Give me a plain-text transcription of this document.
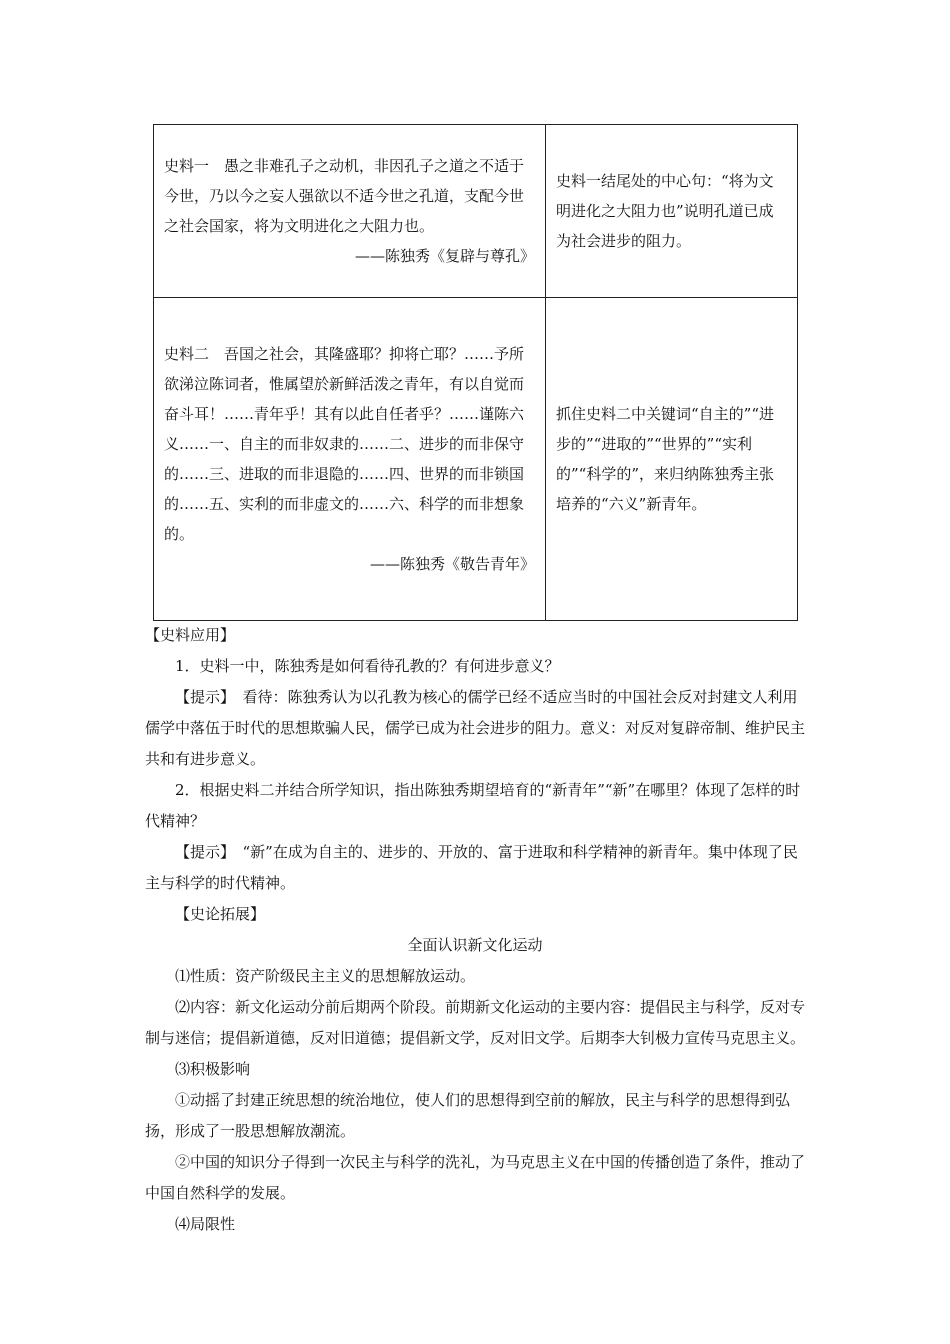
史料一　愚之非难孔子之动机，非因孔子之道之不适于今世，乃以今之妄人强欲以不适今世之孔道，支配今世之社会国家，将为文明进化之大阻力也。
——陈独秀《复辟与尊孔》	史料一结尾处的中心句：“将为文明进化之大阻力也”说明孔道已成为社会进步的阻力。
史料二　吾国之社会，其隆盛耶？抑将亡耶？……予所欲涕泣陈词者，惟属望於新鲜活泼之青年，有以自觉而奋斗耳！……青年乎！其有以此自任者乎？……谨陈六义……一、自主的而非奴隶的……二、进步的而非保守的……三、进取的而非退隐的……四、世界的而非锁国的……五、实利的而非虚文的……六、科学的而非想象的。
——陈独秀《敬告青年》	抓住史料二中关键词“自主的”“进步的”“进取的”“世界的”“实利的”“科学的”，来归纳陈独秀主张培养的“六义”新青年。

【史料应用】

1．史料一中，陈独秀是如何看待孔教的？有何进步意义？

【提示】　看待：陈独秀认为以孔教为核心的儒学已经不适应当时的中国社会反对封建文人利用儒学中落伍于时代的思想欺骗人民，儒学已成为社会进步的阻力。意义：对反对复辟帝制、维护民主共和有进步意义。

2．根据史料二并结合所学知识，指出陈独秀期望培育的“新青年”“新”在哪里？体现了怎样的时代精神？

【提示】　“新”在成为自主的、进步的、开放的、富于进取和科学精神的新青年。集中体现了民主与科学的时代精神。

【史论拓展】

全面认识新文化运动

⑴性质：资产阶级民主主义的思想解放运动。

⑵内容：新文化运动分前后期两个阶段。前期新文化运动的主要内容：提倡民主与科学，反对专制与迷信；提倡新道德，反对旧道德；提倡新文学，反对旧文学。后期李大钊极力宣传马克思主义。

⑶积极影响

①动摇了封建正统思想的统治地位，使人们的思想得到空前的解放，民主与科学的思想得到弘扬，形成了一股思想解放潮流。

②中国的知识分子得到一次民主与科学的洗礼，为马克思主义在中国的传播创造了条件，推动了中国自然科学的发展。

⑷局限性
